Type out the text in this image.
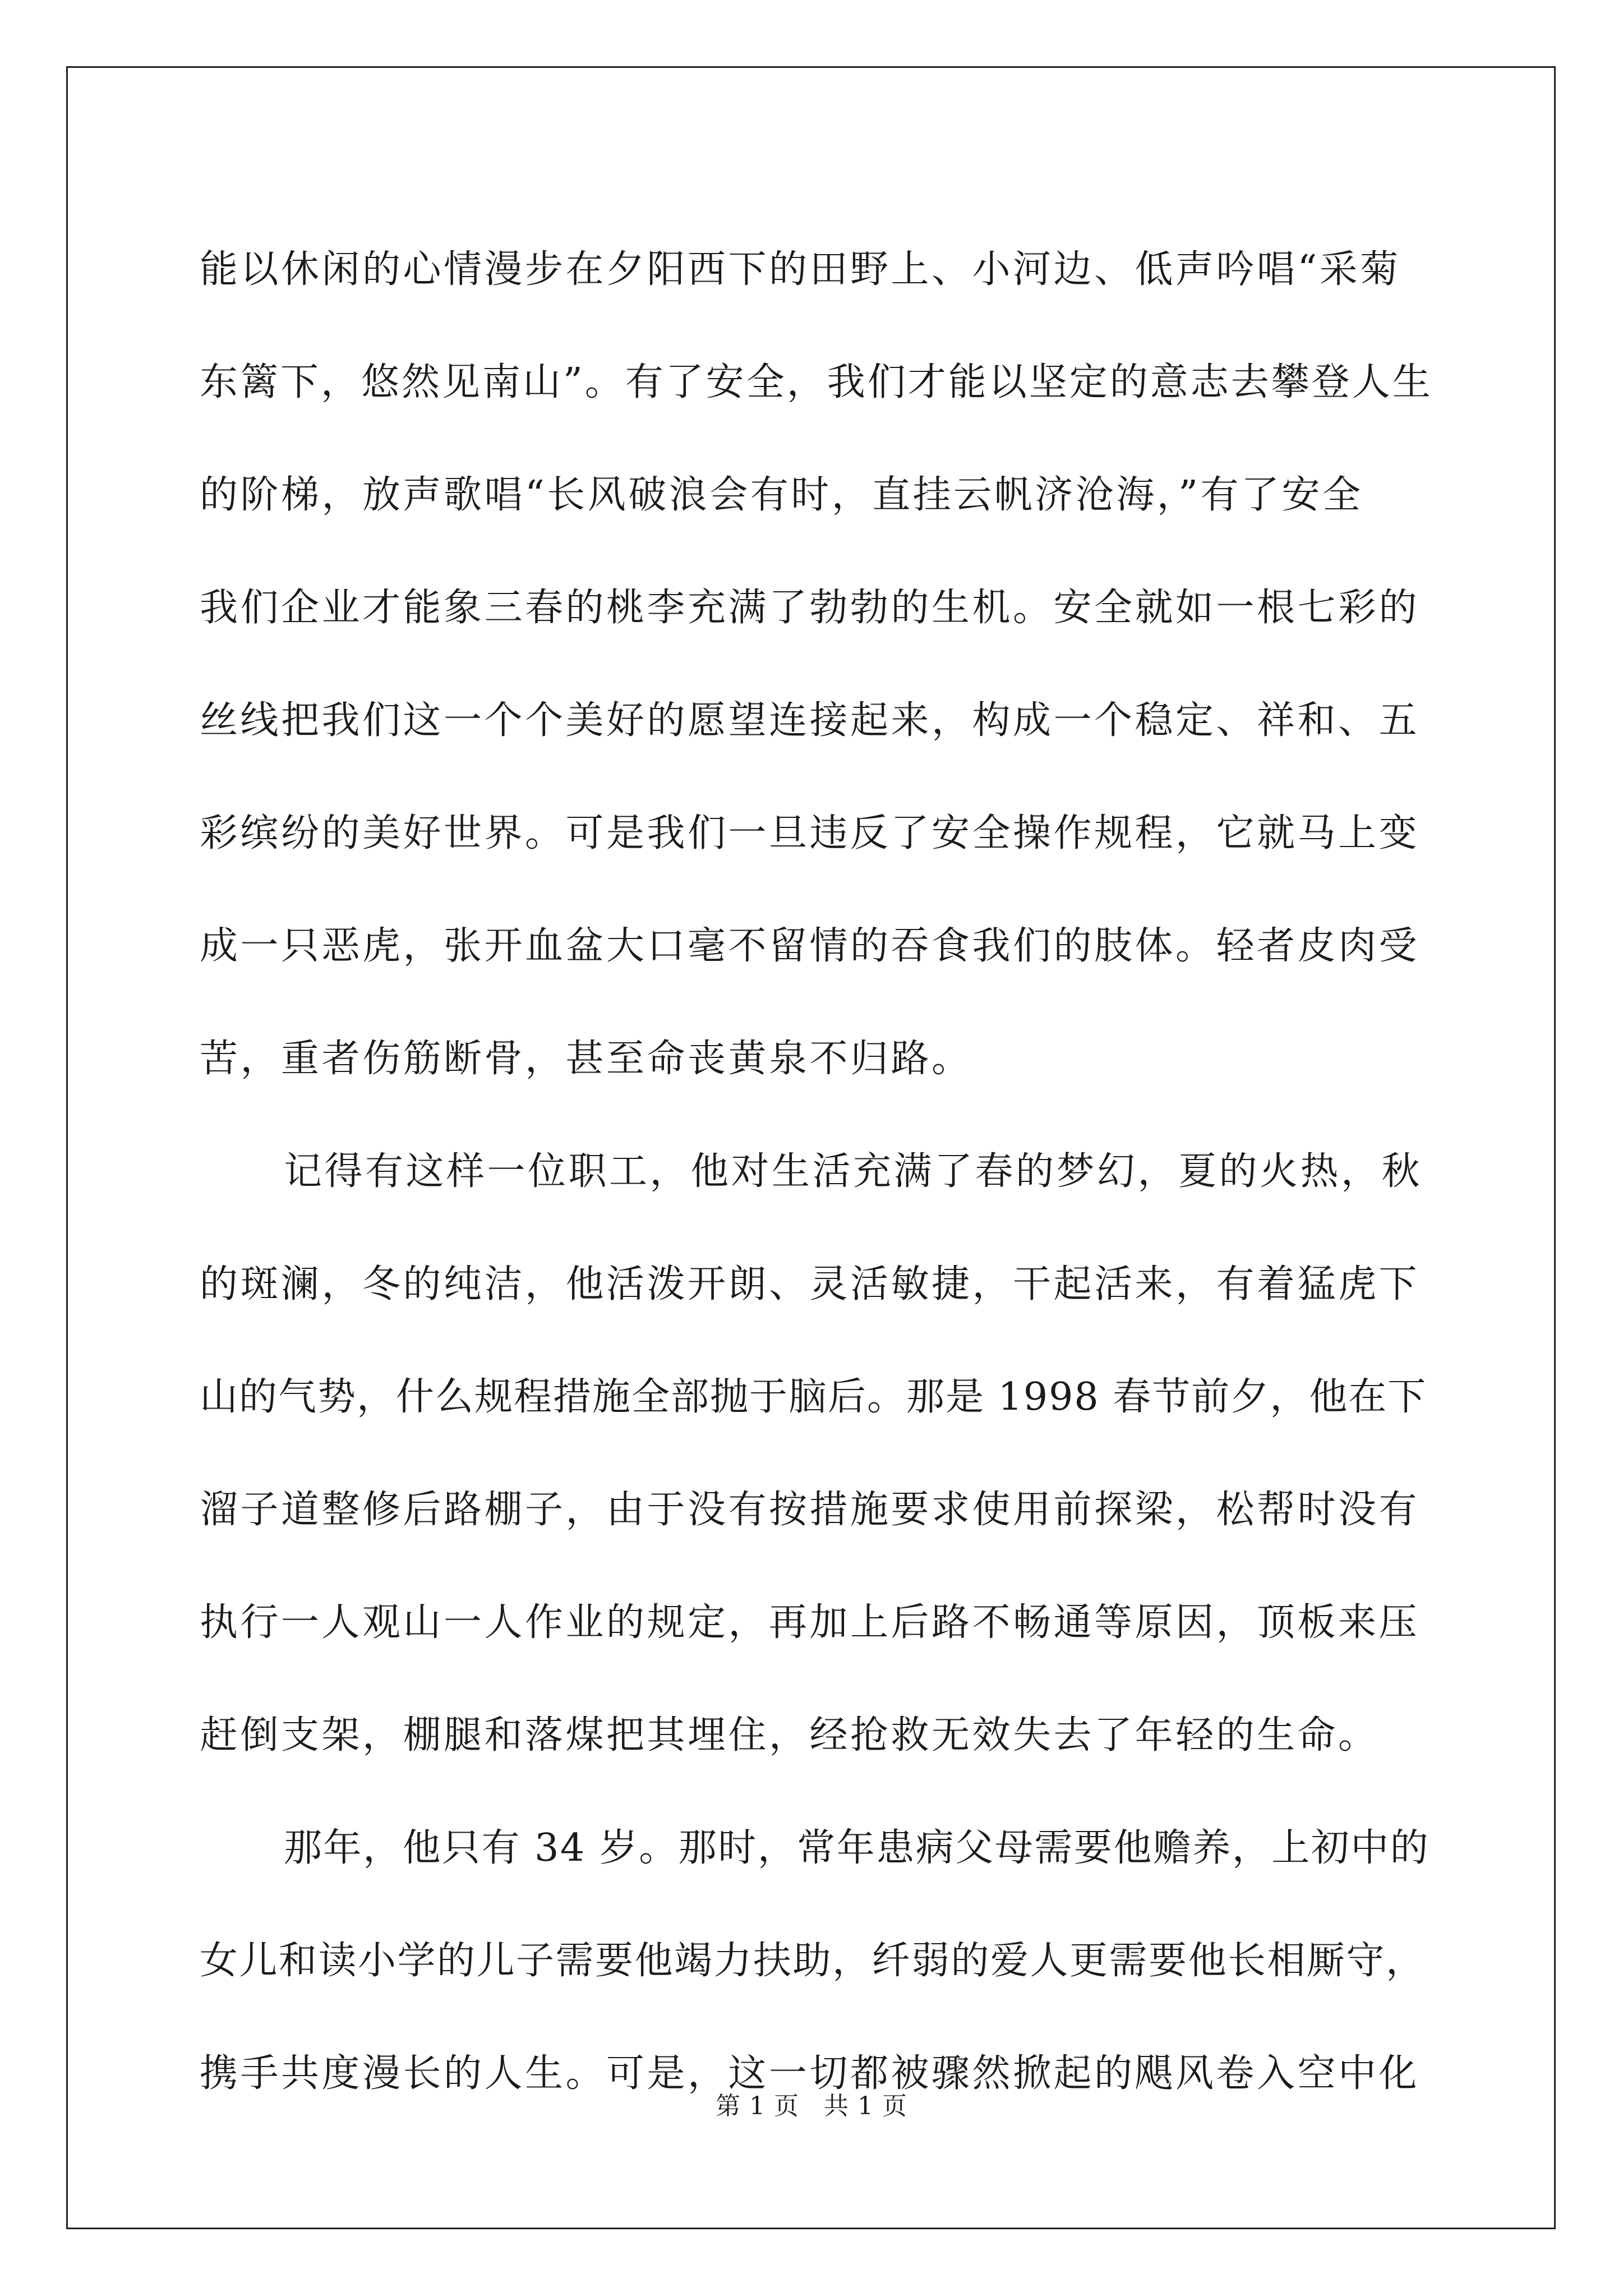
能以休闲的心情漫步在夕阳西下的田野上、小河边、低声吟唱“采菊
东篱下，悠然见南山”。有了安全，我们才能以坚定的意志去攀登人生
的阶梯，放声歌唱“长风破浪会有时，直挂云帆济沧海，”有了安全
我们企业才能象三春的桃李充满了勃勃的生机。安全就如一根七彩的
丝线把我们这一个个美好的愿望连接起来，构成一个稳定、祥和、五
彩缤纷的美好世界。可是我们一旦违反了安全操作规程，它就马上变
成一只恶虎，张开血盆大口毫不留情的吞食我们的肢体。轻者皮肉受
苦，重者伤筋断骨，甚至命丧黄泉不归路。

记得有这样一位职工，他对生活充满了春的梦幻，夏的火热，秋
的斑澜，冬的纯洁，他活泼开朗、灵活敏捷，干起活来，有着猛虎下
山的气势，什么规程措施全部抛于脑后。那是 1998 春节前夕，他在下
溜子道整修后路棚子，由于没有按措施要求使用前探梁，松帮时没有
执行一人观山一人作业的规定，再加上后路不畅通等原因，顶板来压
赶倒支架，棚腿和落煤把其埋住，经抢救无效失去了年轻的生命。

那年，他只有 34 岁。那时，常年患病父母需要他赡养，上初中的
女儿和读小学的儿子需要他竭力扶助，纤弱的爱人更需要他长相厮守，
携手共度漫长的人生。可是，这一切都被骤然掀起的飓风卷入空中化

第 1 页 共 1 页
